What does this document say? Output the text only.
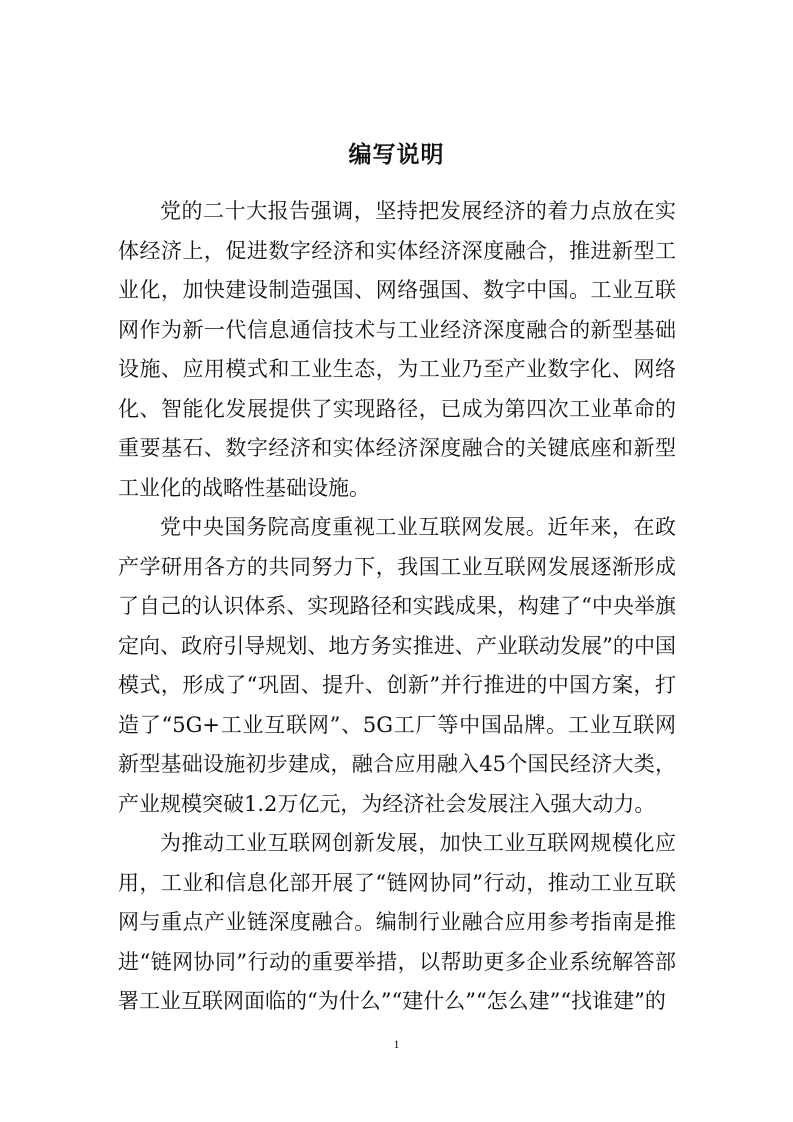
编写说明

党的二十大报告强调，坚持把发展经济的着力点放在实体经济上，促进数字经济和实体经济深度融合，推进新型工业化，加快建设制造强国、网络强国、数字中国。工业互联网作为新一代信息通信技术与工业经济深度融合的新型基础设施、应用模式和工业生态，为工业乃至产业数字化、网络化、智能化发展提供了实现路径，已成为第四次工业革命的重要基石、数字经济和实体经济深度融合的关键底座和新型工业化的战略性基础设施。

党中央国务院高度重视工业互联网发展。近年来，在政产学研用各方的共同努力下，我国工业互联网发展逐渐形成了自己的认识体系、实现路径和实践成果，构建了“中央举旗定向、政府引导规划、地方务实推进、产业联动发展”的中国模式，形成了“巩固、提升、创新”并行推进的中国方案，打造了“5G+工业互联网”、5G工厂等中国品牌。工业互联网新型基础设施初步建成，融合应用融入45个国民经济大类，产业规模突破1.2万亿元，为经济社会发展注入强大动力。

为推动工业互联网创新发展，加快工业互联网规模化应用，工业和信息化部开展了“链网协同”行动，推动工业互联网与重点产业链深度融合。编制行业融合应用参考指南是推进“链网协同”行动的重要举措，以帮助更多企业系统解答部署工业互联网面临的“为什么”“建什么”“怎么建”“找谁建”的

1
